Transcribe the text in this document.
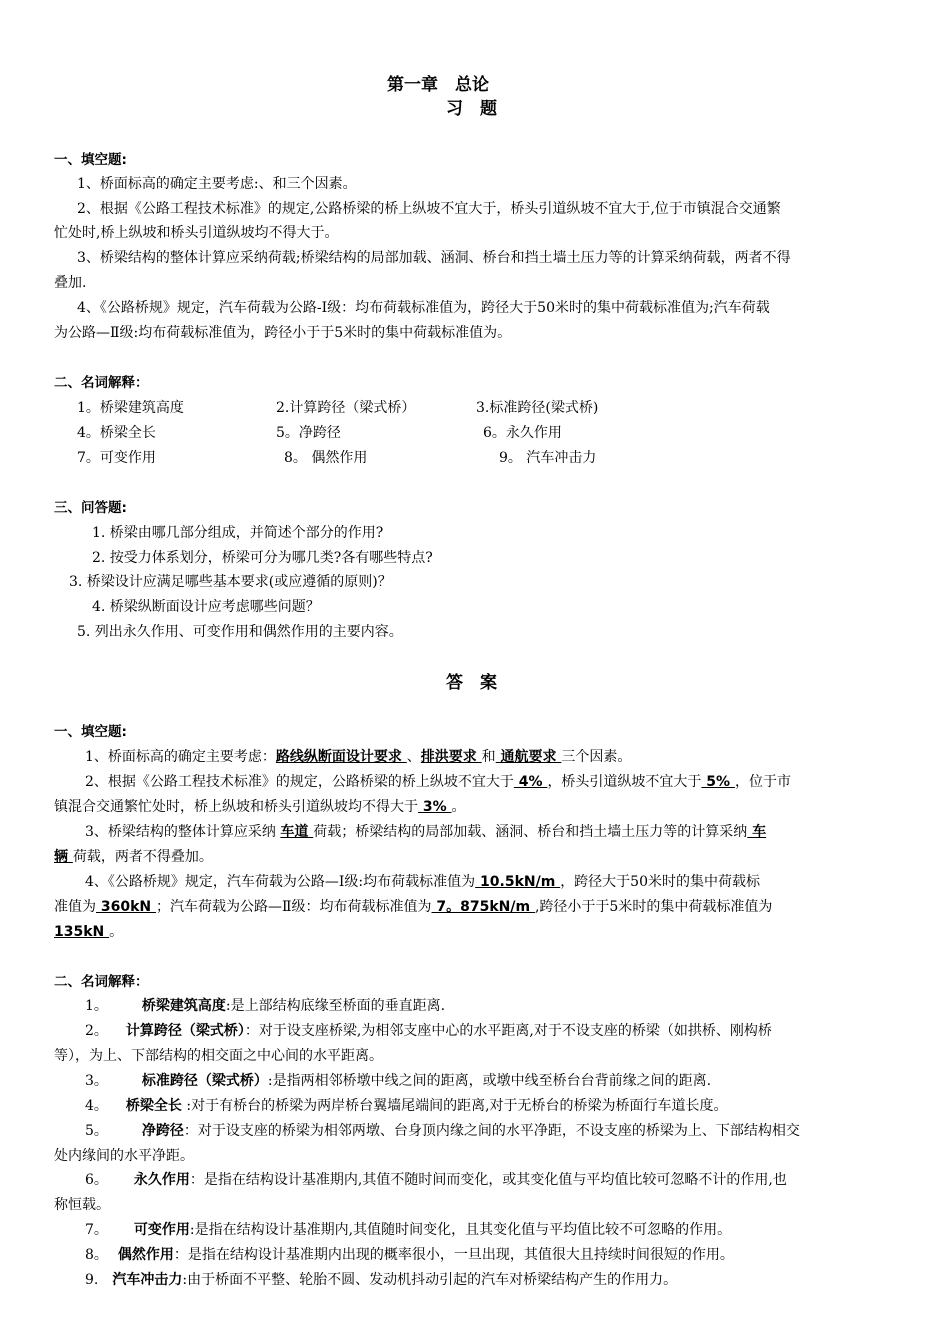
第一章　总论
习　题
一、填空题:
1、桥面标高的确定主要考虑:、和三个因素。
2、根据《公路工程技术标准》的规定,公路桥梁的桥上纵坡不宜大于，桥头引道纵坡不宜大于,位于市镇混合交通繁
忙处时,桥上纵坡和桥头引道纵坡均不得大于。
3、桥梁结构的整体计算应采纳荷载;桥梁结构的局部加载、涵洞、桥台和挡土墙土压力等的计算采纳荷载，两者不得
叠加.
4、《公路桥规》规定，汽车荷载为公路-Ⅰ级：均布荷载标准值为，跨径大于50米时的集中荷载标准值为;汽车荷载
为公路—Ⅱ级:均布荷载标准值为，跨径小于于5米时的集中荷载标准值为。
二、名词解释：
1。桥梁建筑高度	2.计算跨径（梁式桥）	3.标准跨径(梁式桥)
4。桥梁全长	5。净跨径	6。永久作用
7。可变作用	8。 偶然作用	9。 汽车冲击力
三、问答题:
1. 桥梁由哪几部分组成，并简述个部分的作用?
2. 按受力体系划分，桥梁可分为哪几类?各有哪些特点?
3. 桥梁设计应满足哪些基本要求(或应遵循的原则)？
4. 桥梁纵断面设计应考虑哪些问题？
5. 列出永久作用、可变作用和偶然作用的主要内容。
答　案
一、填空题:
1、桥面标高的确定主要考虑：路线纵断面设计要求 、排洪要求 和 通航要求 三个因素。
2、根据《公路工程技术标准》的规定，公路桥梁的桥上纵坡不宜大于 4% ，桥头引道纵坡不宜大于 5% ，位于市
镇混合交通繁忙处时，桥上纵坡和桥头引道纵坡均不得大于 3% 。
3、桥梁结构的整体计算应采纳 车道 荷载；桥梁结构的局部加载、涵洞、桥台和挡土墙土压力等的计算采纳 车
辆 荷载，两者不得叠加。
4、《公路桥规》规定，汽车荷载为公路—Ⅰ级:均布荷载标准值为 10.5kN/m ，跨径大于50米时的集中荷载标
准值为 360kN ；汽车荷载为公路—Ⅱ级：均布荷载标准值为 7。875kN/m ,跨径小于于5米时的集中荷载标准值为
135kN 。
二、名词解释：
1。 桥梁建筑高度:是上部结构底缘至桥面的垂直距离.
2。 计算跨径（梁式桥）：对于设支座桥梁,为相邻支座中心的水平距离,对于不设支座的桥梁（如拱桥、刚构桥
等），为上、下部结构的相交面之中心间的水平距离。
3。 标准跨径（梁式桥）:是指两相邻桥墩中线之间的距离，或墩中线至桥台台背前缘之间的距离.
4。 桥梁全长 :对于有桥台的桥梁为两岸桥台翼墙尾端间的距离,对于无桥台的桥梁为桥面行车道长度。
5。 净跨径：对于设支座的桥梁为相邻两墩、台身顶内缘之间的水平净距，不设支座的桥梁为上、下部结构相交
处内缘间的水平净距。
6。 永久作用：是指在结构设计基准期内,其值不随时间而变化，或其变化值与平均值比较可忽略不计的作用,也
称恒载。
7。 可变作用:是指在结构设计基准期内,其值随时间变化，且其变化值与平均值比较不可忽略的作用。
8。 偶然作用：是指在结构设计基准期内出现的概率很小，一旦出现，其值很大且持续时间很短的作用。
9. 汽车冲击力:由于桥面不平整、轮胎不圆、发动机抖动引起的汽车对桥梁结构产生的作用力。
